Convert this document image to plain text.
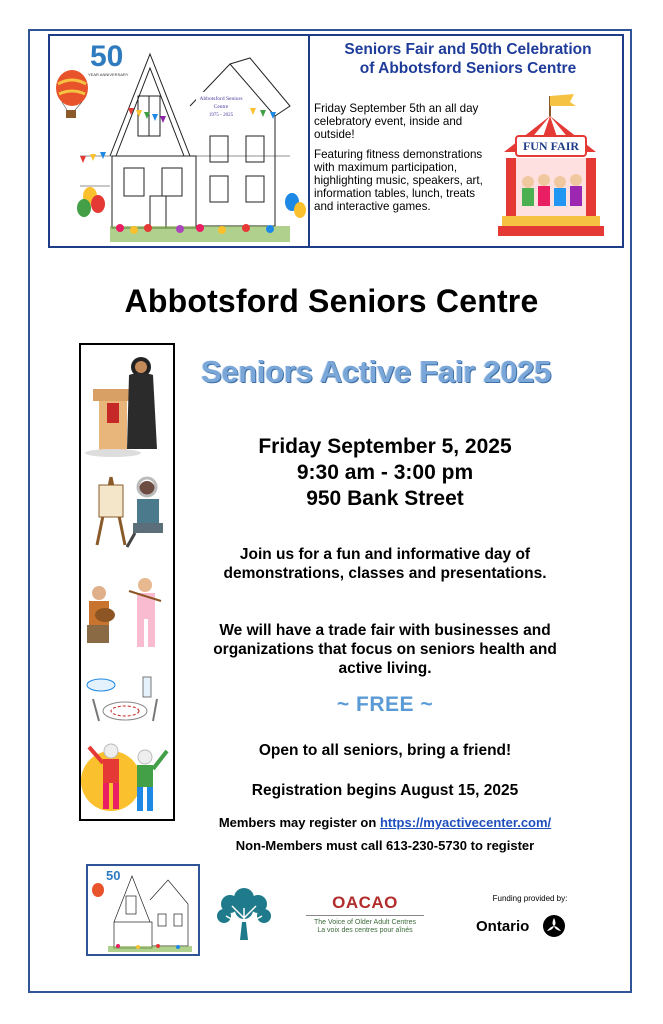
50
YEAR ANNIVERSARY
Abbotsford Seniors
Centre
1975 - 2025
Seniors Fair and 50th Celebration
of Abbotsford Seniors Centre

Friday September 5th an all day celebratory event, inside and outside!

Featuring fitness demonstrations with maximum participation, highlighting music, speakers, art, information tables, lunch, treats and interactive games.

FUN FAIR
Abbotsford Seniors Centre
Seniors Active Fair 2025
Friday September 5, 2025
9:30 am - 3:00 pm
950 Bank Street
Join us for a fun and informative day of demonstrations, classes and presentations.
We will have a trade fair with businesses and organizations that focus on seniors health and active living.
~ FREE ~
Open to all seniors, bring a friend!
Registration begins August 15, 2025
Members may register on https://myactivecenter.com/
Non-Members must call 613-230-5730 to register
50
OACAO
The Voice of Older Adult Centres
La voix des centres pour aînés
Funding provided by:
Ontario
